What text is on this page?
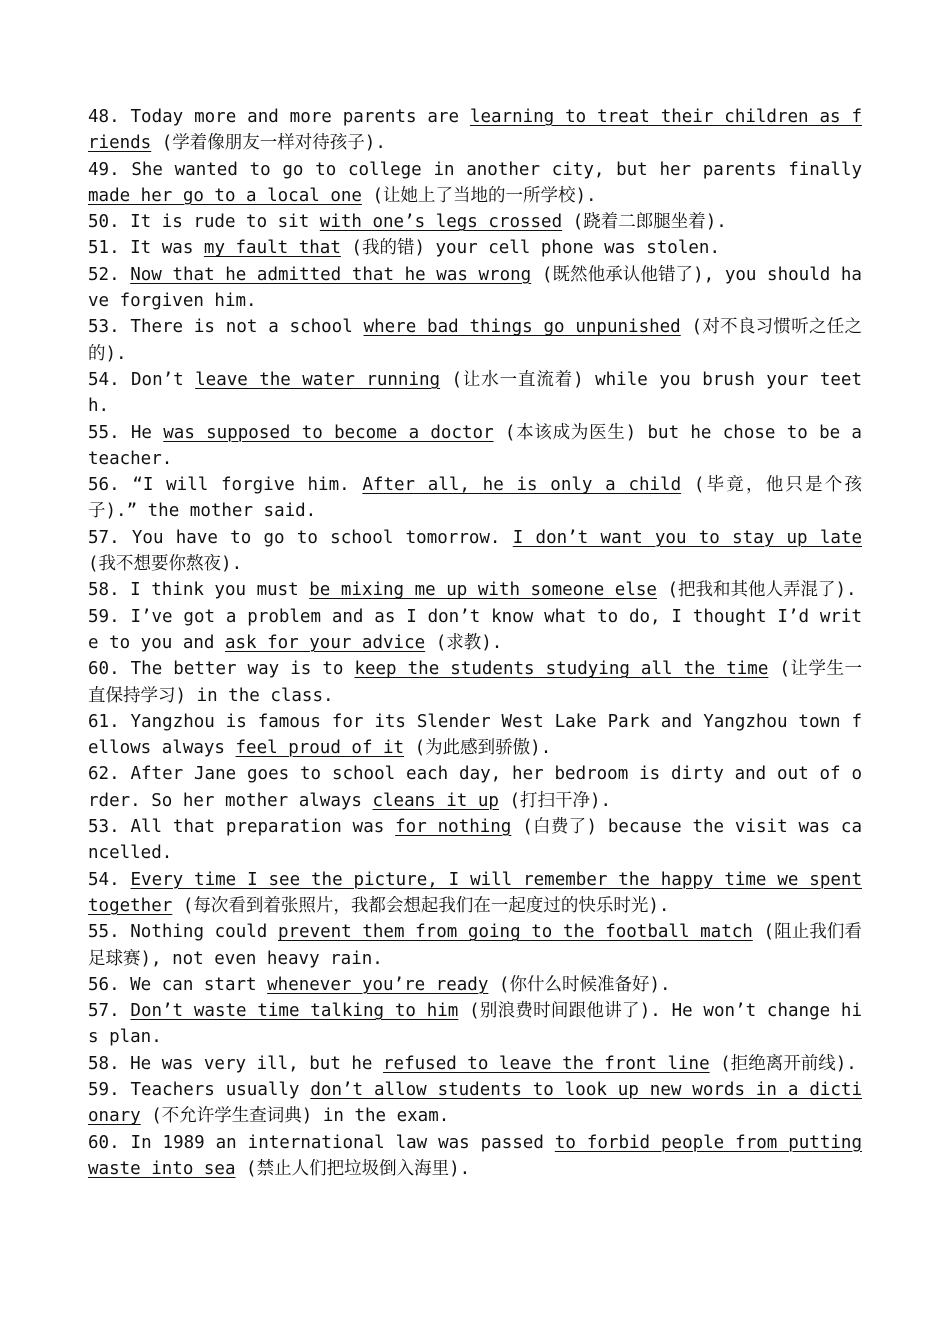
48. Today more and more parents are learning to treat their children as friends (学着像朋友一样对待孩子).

49. She wanted to go to college in another city, but her parents finally made her go to a local one (让她上了当地的一所学校).

50. It is rude to sit with one’s legs crossed (跷着二郎腿坐着).

51. It was my fault that (我的错) your cell phone was stolen.

52. Now that he admitted that he was wrong (既然他承认他错了), you should have forgiven him.

53. There is not a school where bad things go unpunished (对不良习惯听之任之的).

54. Don’t leave the water running (让水一直流着) while you brush your teeth.

55. He was supposed to become a doctor (本该成为医生) but he chose to be a teacher.

56. “I will forgive him. After all, he is only a child (毕竟，他只是个孩子).” the mother said.

57. You have to go to school tomorrow. I don’t want you to stay up late (我不想要你熬夜).

58. I think you must be mixing me up with someone else (把我和其他人弄混了).

59. I’ve got a problem and as I don’t know what to do, I thought I’d write to you and ask for your advice (求教).

60. The better way is to keep the students studying all the time (让学生一直保持学习) in the class.

61. Yangzhou is famous for its Slender West Lake Park and Yangzhou town fellows always feel proud of it (为此感到骄傲).

62. After Jane goes to school each day, her bedroom is dirty and out of order. So her mother always cleans it up (打扫干净).

53. All that preparation was for nothing (白费了) because the visit was cancelled.

54. Every time I see the picture, I will remember the happy time we spent together (每次看到着张照片，我都会想起我们在一起度过的快乐时光).

55. Nothing could prevent them from going to the football match (阻止我们看足球赛), not even heavy rain.

56. We can start whenever you’re ready (你什么时候准备好).

57. Don’t waste time talking to him (别浪费时间跟他讲了). He won’t change his plan.

58. He was very ill, but he refused to leave the front line (拒绝离开前线).

59. Teachers usually don’t allow students to look up new words in a dictionary (不允许学生查词典) in the exam.

60. In 1989 an international law was passed to forbid people from putting waste into sea (禁止人们把垃圾倒入海里).
